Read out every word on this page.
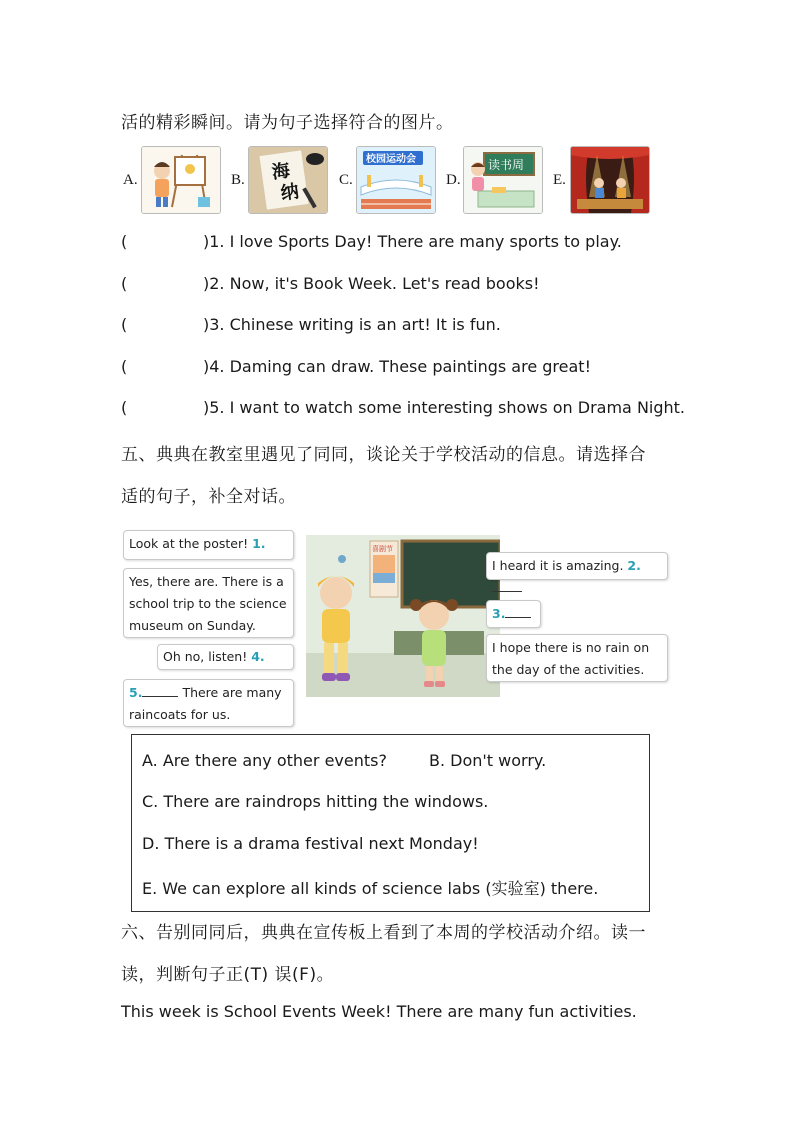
活的精彩瞬间。请为句子选择符合的图片。
A.	B. 海
纳
C.
校园运动会
D.
读书周
E.
(	)1. I love Sports Day! There are many sports to play.
(	)2. Now, it's Book Week. Let's read books!
(	)3. Chinese writing is an art! It is fun.
(	)4. Daming can draw. These paintings are great!
(	)5. I want to watch some interesting shows on Drama Night.
五、典典在教室里遇见了同同，谈论关于学校活动的信息。请选择合
适的句子，补全对话。
喜剧节
Look at the poster! 1.
Yes, there are. There is a school trip to the science museum on Sunday.
Oh no, listen! 4.
5.	There are many raincoats for us.
I heard it is amazing. 2.
3.
I hope there is no rain on the day of the activities.
A. Are there any other events?	B. Don't worry.
C. There are raindrops hitting the windows.
D. There is a drama festival next Monday!
E. We can explore all kinds of science labs (实验室) there.
六、告别同同后，典典在宣传板上看到了本周的学校活动介绍。读一
读，判断句子正(T) 误(F)。
This week is School Events Week! There are many fun activities.
